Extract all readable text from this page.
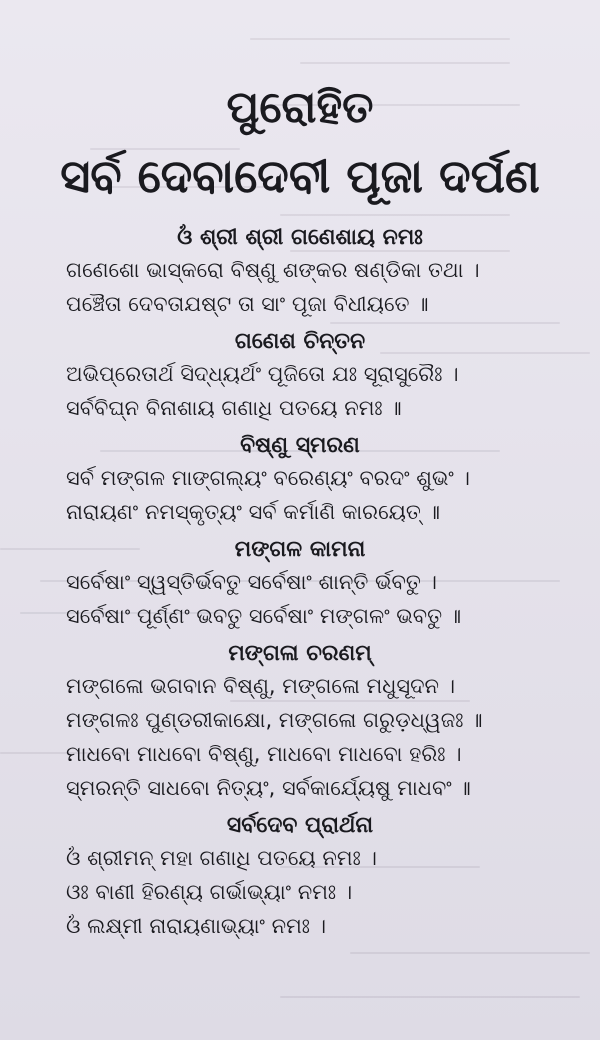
ପୁରୋହିତ
ସର୍ବ ଦେବାଦେବୀ ପୂଜା ଦର୍ପଣ
ଓଁ ଶ୍ରୀ ଶ୍ରୀ ଗଣେଶାୟ ନମଃ

ଗଣେଶୋ ଭାସ୍କରୋ ବିଷ୍ଣୁ ଶଙ୍କର ଷଣ୍ଡିକା ତଥା ।

ପଞ୍ଚୈତା ଦେବତାଯଷ୍ଟ ତା ସାଂ ପୂଜା ବିଧୀୟତେ ॥

ଗଣେଶ ଚିନ୍ତନ

ଅଭିପ୍ରେତାର୍ଥ ସିଦ୍ଧ୍ୟର୍ଥଂ ପୂଜିତୋ ଯଃ ସୂରାସୁରୈଃ ।

ସର୍ବବିଘ୍ନ ବିନାଶାୟ ଗଣାଧି ପତୟେ ନମଃ ॥

ବିଷ୍ଣୁ ସ୍ମରଣ

ସର୍ବ ମଙ୍ଗଳ ମାଙ୍ଗଲ୍ୟଂ ବରେଣ୍ୟଂ ବରଦଂ ଶୁଭଂ ।

ନାରାୟଣଂ ନମସ୍କୃତ୍ୟଂ ସର୍ବ କର୍ମାଣି କାରୟେତ୍ ॥

ମଙ୍ଗଳ କାମନା

ସର୍ବେଷାଂ ସ୍ୱସ୍ତିର୍ଭବତୁ ସର୍ବେଷାଂ ଶାନ୍ତି ର୍ଭବତୁ ।

ସର୍ବେଷାଂ ପୂର୍ଣ୍ଣଂ ଭବତୁ ସର୍ବେଷାଂ ମଙ୍ଗଳଂ ଭବତୁ ॥

ମଙ୍ଗଳା ଚରଣମ୍

ମଙ୍ଗଳୋ ଭଗବାନ ବିଷ୍ଣୁ, ମଙ୍ଗଳୋ ମଧୁସୂଦନ ।

ମଙ୍ଗଳଃ ପୁଣ୍ଡରୀକାକ୍ଷୋ, ମଙ୍ଗଳୋ ଗରୁଡ଼ଧ୍ୱଜଃ ॥

ମାଧବୋ ମାଧବୋ ବିଷ୍ଣୁ, ମାଧବୋ ମାଧବୋ ହରିଃ ।

ସ୍ମରନ୍ତି ସାଧବୋ ନିତ୍ୟଂ, ସର୍ବକାର୍ଯ୍ୟେଷୁ ମାଧବଂ ॥

ସର୍ବଦେବ ପ୍ରାର୍ଥନା

ଓଁ ଶ୍ରୀମନ୍ ମହା ଗଣାଧି ପତୟେ ନମଃ ।

ଓଃ ବାଣୀ ହିରଣ୍ୟ ଗର୍ଭାଭ୍ୟାଂ ନମଃ ।

ଓଁ ଲକ୍ଷ୍ମୀ ନାରାୟଣାଭ୍ୟାଂ ନମଃ ।
